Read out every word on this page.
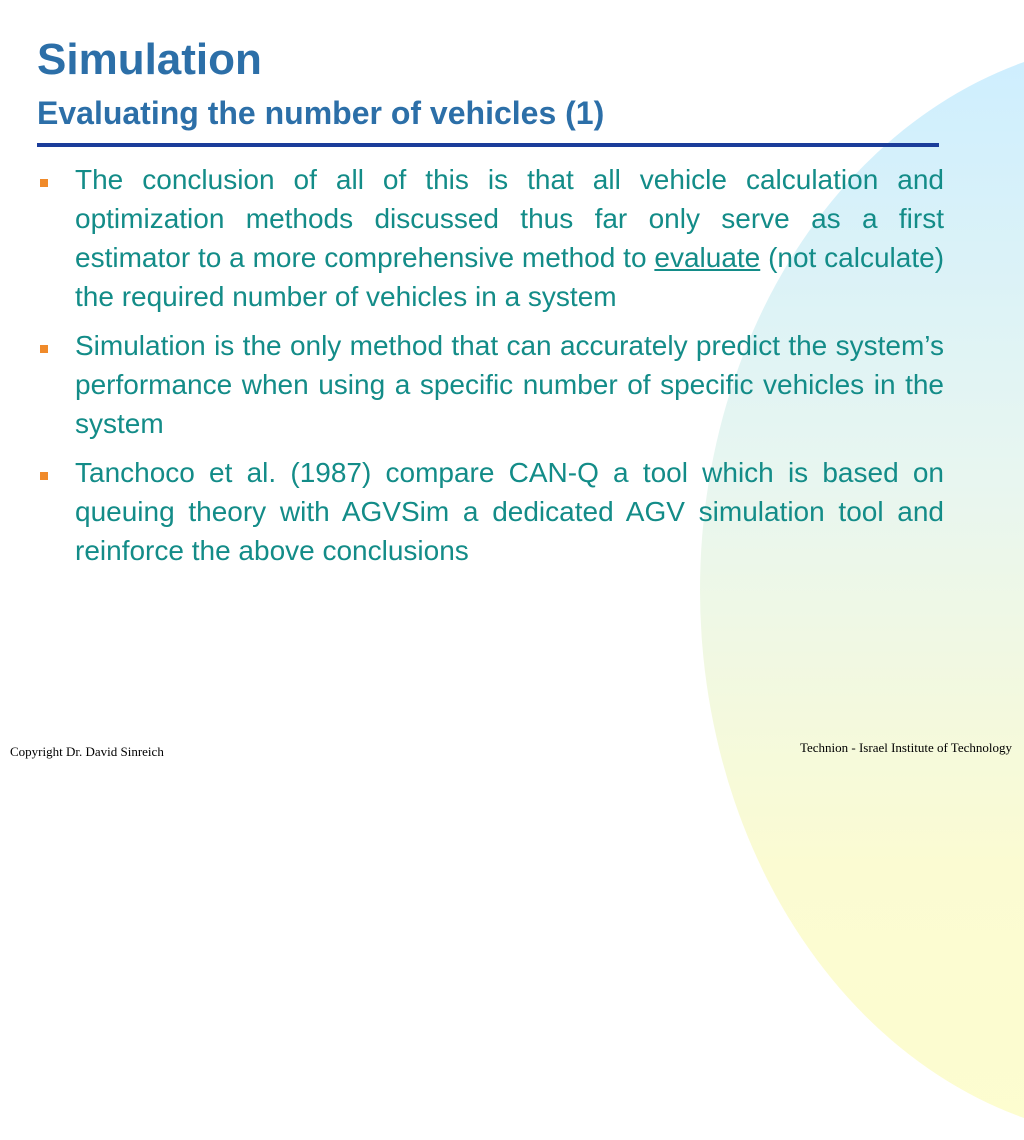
Simulation
Evaluating the number of vehicles (1)
The conclusion of all of this is that all vehicle calculation and optimization methods discussed thus far only serve as a first estimator to a more comprehensive method to evaluate (not calculate) the required number of vehicles in a system
Simulation is the only method that can accurately predict the system’s performance when using a specific number of specific vehicles in the system
Tanchoco et al. (1987) compare CAN-Q a tool which is based on queuing theory with AGVSim a dedicated AGV simulation tool and reinforce the above conclusions
Copyright Dr. David Sinreich	Technion - Israel Institute of Technology
